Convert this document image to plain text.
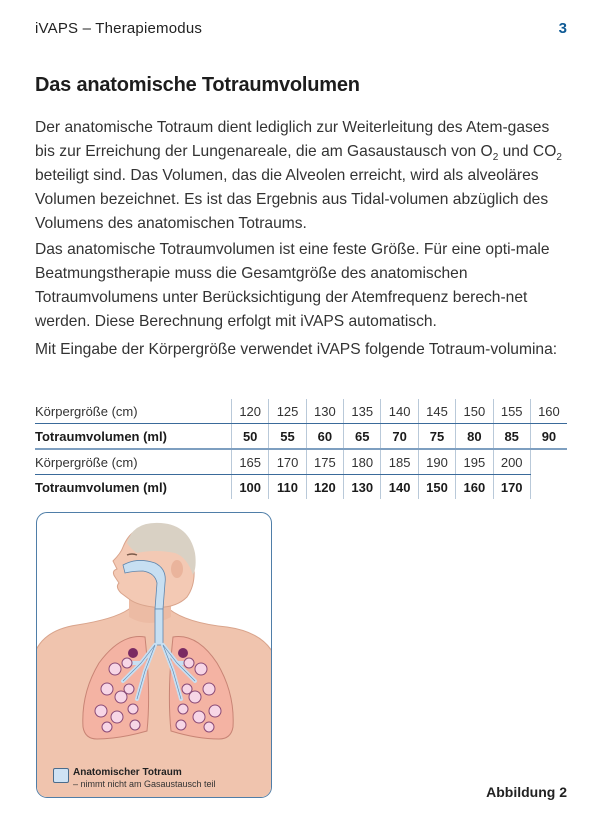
iVAPS – Therapiemodus	3
Das anatomische Totraumvolumen

Der anatomische Totraum dient lediglich zur Weiterleitung des Atem-gases bis zur Erreichung der Lungenareale, die am Gasaustausch von $O_2$ und $CO_2$ beteiligt sind. Das Volumen, das die Alveolen erreicht, wird als alveoläres Volumen bezeichnet. Es ist das Ergebnis aus Tidal-volumen abzüglich des Volumens des anatomischen Totraums.

Das anatomische Totraumvolumen ist eine feste Größe. Für eine opti-male Beatmungstherapie muss die Gesamtgröße des anatomischen Totraumvolumens unter Berücksichtigung der Atemfrequenz berech-net werden. Diese Berechnung erfolgt mit iVAPS automatisch.

Mit Eingabe der Körpergröße verwendet iVAPS folgende Totraum-volumina:

Körpergröße (cm)	120	125	130	135	140	145	150	155	160
Totraumvolumen (ml)	50	55	60	65	70	75	80	85	90
Körpergröße (cm)	165	170	175	180	185	190	195	200	
Totraumvolumen (ml)	100	110	120	130	140	150	160	170	
Anatomischer Totraum
– nimmt nicht am Gasaustausch teil	Abbildung 2
